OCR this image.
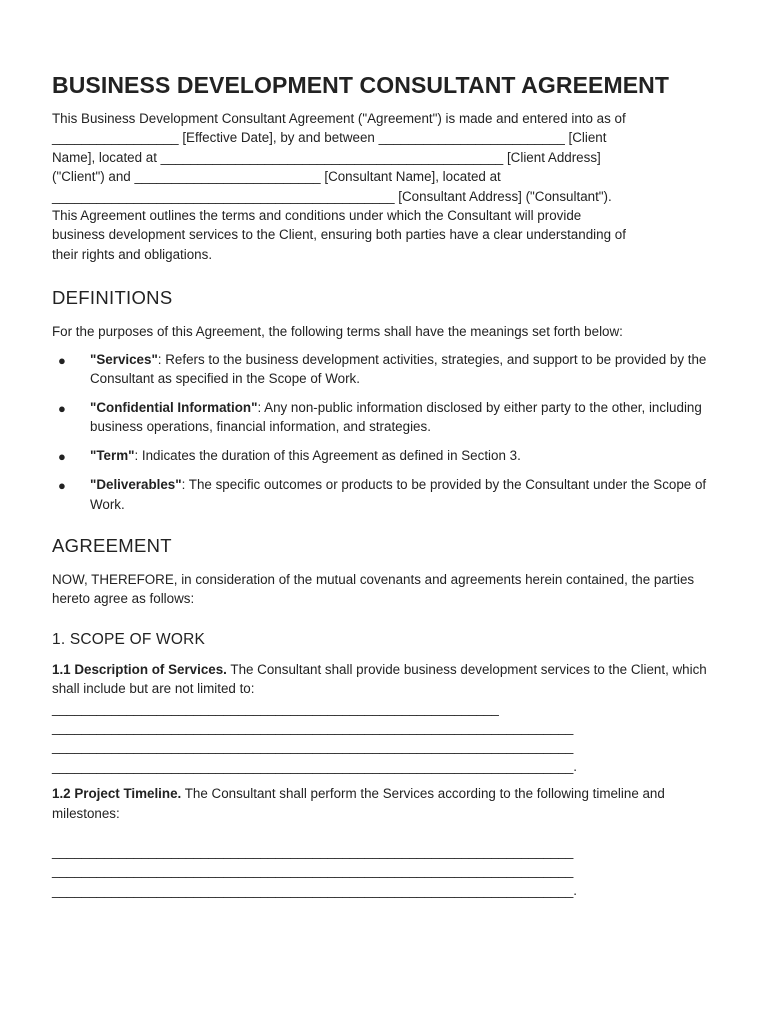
BUSINESS DEVELOPMENT CONSULTANT AGREEMENT

This Business Development Consultant Agreement ("Agreement") is made and entered into as of

_________________ [Effective Date], by and between _________________________ [Client

Name], located at ______________________________________________ [Client Address]

("Client") and _________________________ [Consultant Name], located at

______________________________________________ [Consultant Address] ("Consultant").

This Agreement outlines the terms and conditions under which the Consultant will provide

business development services to the Client, ensuring both parties have a clear understanding of

their rights and obligations.

DEFINITIONS

For the purposes of this Agreement, the following terms shall have the meanings set forth below:

● "Services": Refers to the business development activities, strategies, and support to be provided by the Consultant as specified in the Scope of Work.
● "Confidential Information": Any non-public information disclosed by either party to the other, including business operations, financial information, and strategies.
● "Term": Indicates the duration of this Agreement as defined in Section 3.
● "Deliverables": The specific outcomes or products to be provided by the Consultant under the Scope of Work.
AGREEMENT

NOW, THEREFORE, in consideration of the mutual covenants and agreements herein contained, the parties hereto agree as follows:

1. SCOPE OF WORK

1.1 Description of Services. The Consultant shall provide business development services to the Client, which shall include but are not limited to:

____________________________________________________________
______________________________________________________________________
______________________________________________________________________
______________________________________________________________________.

1.2 Project Timeline. The Consultant shall perform the Services according to the following timeline and milestones:

______________________________________________________________________
______________________________________________________________________
______________________________________________________________________.
